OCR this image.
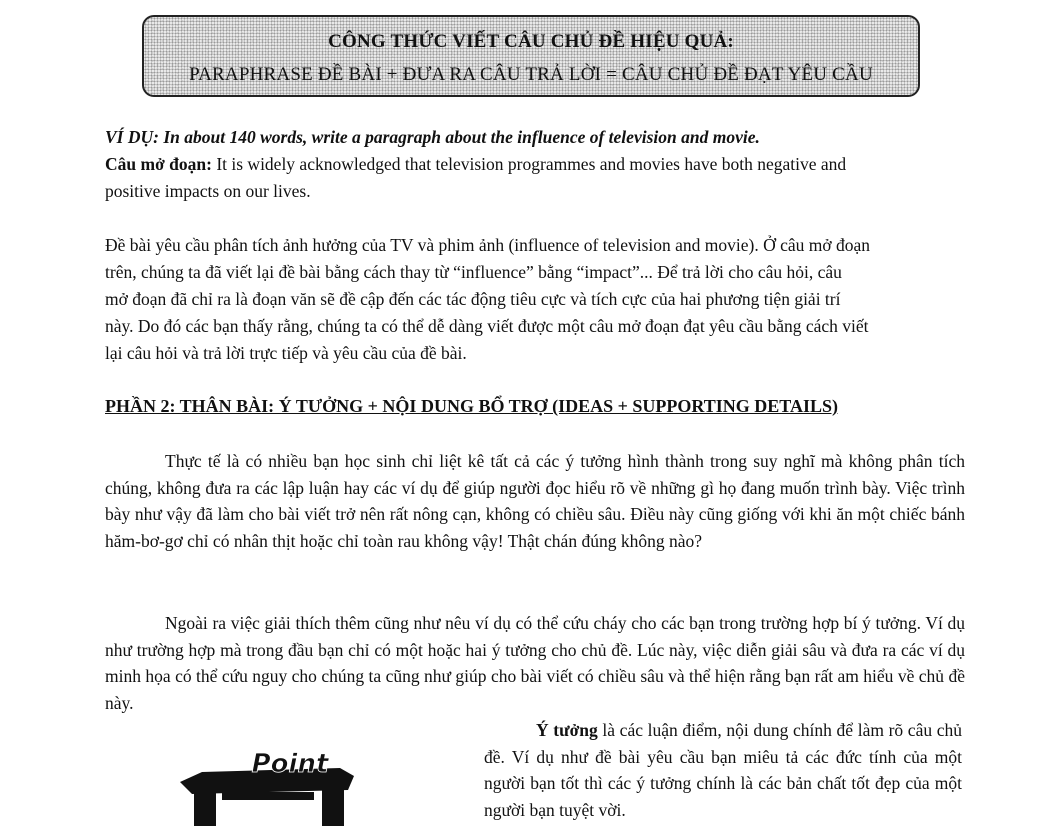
CÔNG THỨC VIẾT CÂU CHỦ ĐỀ HIỆU QUẢ:
PARAPHRASE ĐỀ BÀI + ĐƯA RA CÂU TRẢ LỜI = CÂU CHỦ ĐỀ ĐẠT YÊU CẦU
VÍ DỤ: In about 140 words, write a paragraph about the influence of television and movie.
Câu mở đoạn: It is widely acknowledged that television programmes and movies have both negative and
positive impacts on our lives.
Đề bài yêu cầu phân tích ảnh hưởng của TV và phim ảnh (influence of television and movie). Ở câu mở đoạn
trên, chúng ta đã viết lại đề bài bằng cách thay từ “influence” bằng “impact”... Để trả lời cho câu hỏi, câu
mở đoạn đã chỉ ra là đoạn văn sẽ đề cập đến các tác động tiêu cực và tích cực của hai phương tiện giải trí
này. Do đó các bạn thấy rằng, chúng ta có thể dễ dàng viết được một câu mở đoạn đạt yêu cầu bằng cách viết
lại câu hỏi và trả lời trực tiếp và yêu cầu của đề bài.
PHẦN 2: THÂN BÀI: Ý TƯỞNG + NỘI DUNG BỔ TRỢ (IDEAS + SUPPORTING DETAILS)
Thực tế là có nhiều bạn học sinh chỉ liệt kê tất cả các ý tưởng hình thành trong suy nghĩ mà không phân tích chúng, không đưa ra các lập luận hay các ví dụ để giúp người đọc hiểu rõ về những gì họ đang muốn trình bày. Việc trình bày như vậy đã làm cho bài viết trở nên rất nông cạn, không có chiều sâu. Điều này cũng giống với khi ăn một chiếc bánh hăm-bơ-gơ chỉ có nhân thịt hoặc chỉ toàn rau không vậy! Thật chán đúng không nào?
Ngoài ra việc giải thích thêm cũng như nêu ví dụ có thể cứu cháy cho các bạn trong trường hợp bí ý tưởng. Ví dụ như trường hợp mà trong đầu bạn chỉ có một hoặc hai ý tưởng cho chủ đề. Lúc này, việc diễn giải sâu và đưa ra các ví dụ minh họa có thể cứu nguy cho chúng ta cũng như giúp cho bài viết có chiều sâu và thể hiện rằng bạn rất am hiểu về chủ đề này.
Ý tưởng là các luận điểm, nội dung chính để làm rõ câu chủ đề. Ví dụ như đề bài yêu cầu bạn miêu tả các đức tính của một người bạn tốt thì các ý tưởng chính là các bản chất tốt đẹp của một người bạn tuyệt vời.
Point
